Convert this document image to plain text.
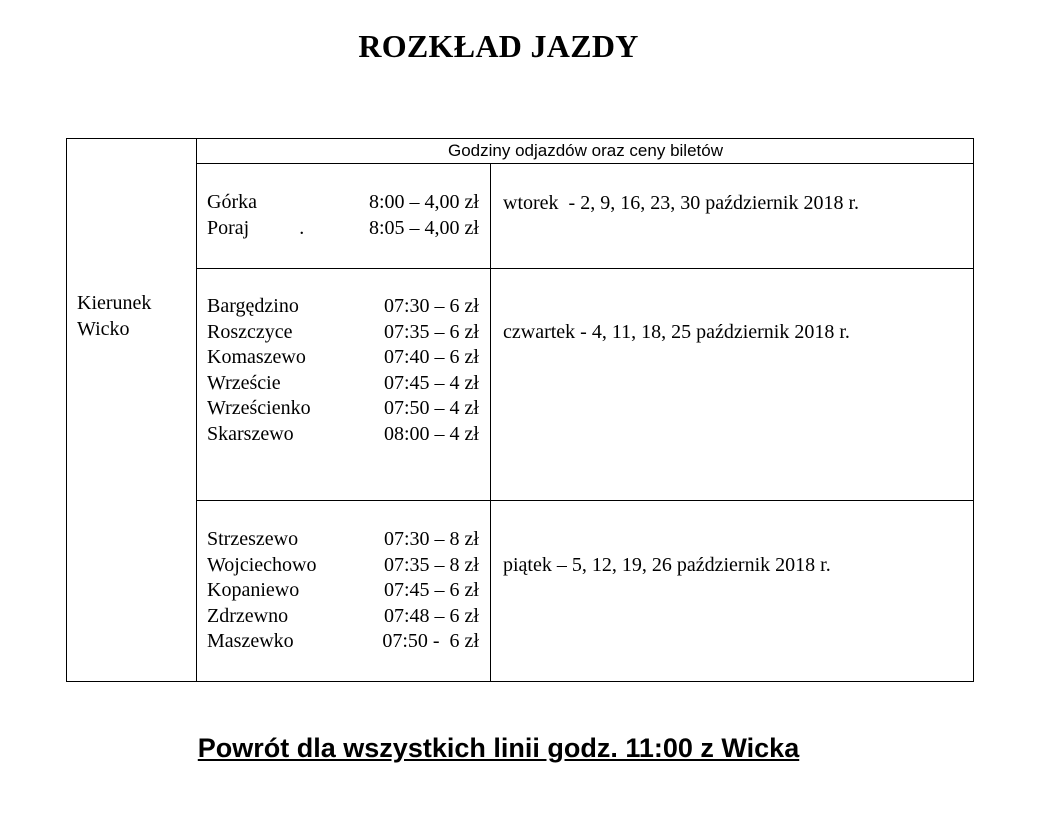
ROZKŁAD JAZDY
Godziny odjazdów oraz ceny biletów
Kierunek
Wicko
Górka	8:00 – 4,00 zł
Poraj          .	8:05 – 4,00 zł
wtorek  - 2, 9, 16, 23, 30 październik 2018 r.
Bargędzino	07:30 – 6 zł
Roszczyce	07:35 – 6 zł
Komaszewo	07:40 – 6 zł
Wrzeście	07:45 – 4 zł
Wrześcienko	07:50 – 4 zł
Skarszewo	08:00 – 4 zł
czwartek - 4, 11, 18, 25 październik 2018 r.
Strzeszewo	07:30 – 8 zł
Wojciechowo	07:35 – 8 zł
Kopaniewo	07:45 – 6 zł
Zdrzewno	07:48 – 6 zł
Maszewko	07:50 -  6 zł
piątek – 5, 12, 19, 26 październik 2018 r.
Powrót dla wszystkich linii godz. 11:00 z Wicka
